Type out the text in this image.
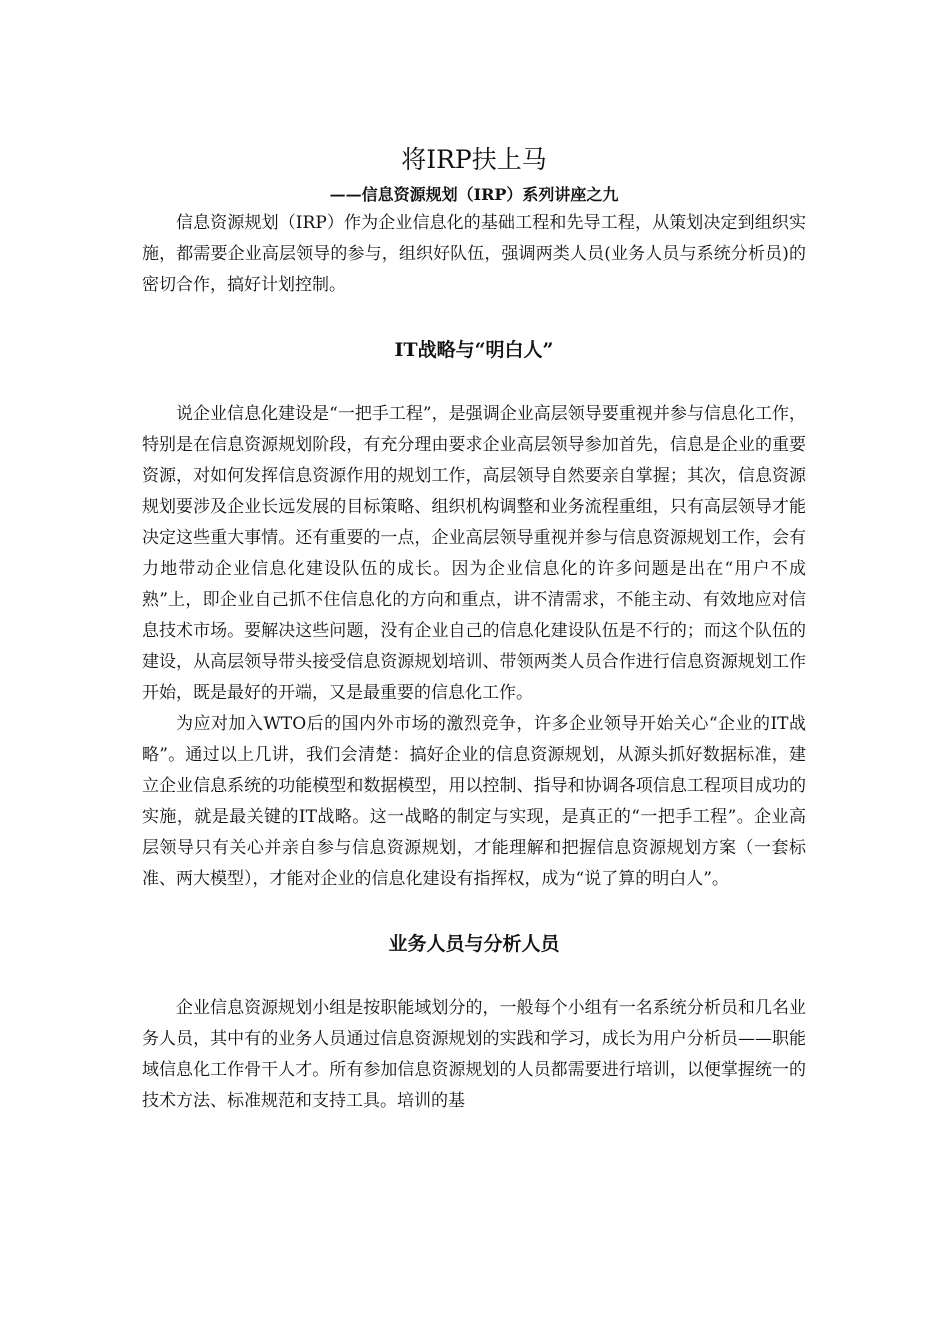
将IRP扶上马
——信息资源规划（IRP）系列讲座之九

信息资源规划（IRP）作为企业信息化的基础工程和先导工程，从策划决定到组织实施，都需要企业高层领导的参与，组织好队伍，强调两类人员(业务人员与系统分析员)的密切合作，搞好计划控制。

IT战略与“明白人”

说企业信息化建设是“一把手工程”，是强调企业高层领导要重视并参与信息化工作，特别是在信息资源规划阶段，有充分理由要求企业高层领导参加首先，信息是企业的重要资源，对如何发挥信息资源作用的规划工作，高层领导自然要亲自掌握；其次，信息资源规划要涉及企业长远发展的目标策略、组织机构调整和业务流程重组，只有高层领导才能决定这些重大事情。还有重要的一点，企业高层领导重视并参与信息资源规划工作，会有力地带动企业信息化建设队伍的成长。因为企业信息化的许多问题是出在“用户不成熟”上，即企业自己抓不住信息化的方向和重点，讲不清需求，不能主动、有效地应对信息技术市场。要解决这些问题，没有企业自己的信息化建设队伍是不行的；而这个队伍的建设，从高层领导带头接受信息资源规划培训、带领两类人员合作进行信息资源规划工作开始，既是最好的开端，又是最重要的信息化工作。

为应对加入WTO后的国内外市场的激烈竞争，许多企业领导开始关心“企业的IT战略”。通过以上几讲，我们会清楚：搞好企业的信息资源规划，从源头抓好数据标准，建立企业信息系统的功能模型和数据模型，用以控制、指导和协调各项信息工程项目成功的实施，就是最关键的IT战略。这一战略的制定与实现，是真正的“一把手工程”。企业高层领导只有关心并亲自参与信息资源规划，才能理解和把握信息资源规划方案（一套标准、两大模型），才能对企业的信息化建设有指挥权，成为“说了算的明白人”。

业务人员与分析人员

企业信息资源规划小组是按职能域划分的，一般每个小组有一名系统分析员和几名业务人员，其中有的业务人员通过信息资源规划的实践和学习，成长为用户分析员——职能域信息化工作骨干人才。所有参加信息资源规划的人员都需要进行培训，以便掌握统一的技术方法、标准规范和支持工具。培训的基
